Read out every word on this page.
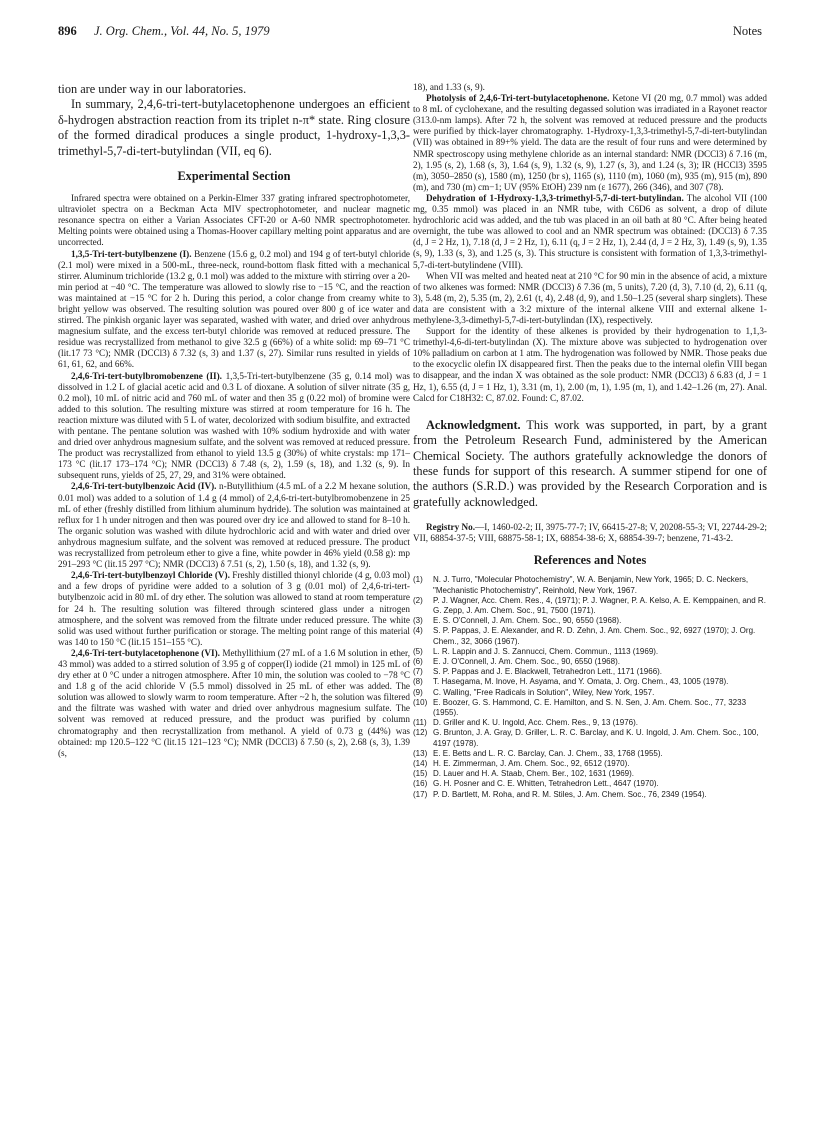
896 J. Org. Chem., Vol. 44, No. 5, 1979	Notes

tion are under way in our laboratories.

In summary, 2,4,6-tri-tert-butylacetophenone undergoes an efficient δ-hydrogen abstraction reaction from its triplet n-π* state. Ring closure of the formed diradical produces a single product, 1-hydroxy-1,3,3-trimethyl-5,7-di-tert-butylindan (VII, eq 6).

Experimental Section

Infrared spectra were obtained on a Perkin-Elmer 337 grating infrared spectrophotometer, ultraviolet spectra on a Beckman Acta MIV spectrophotometer, and nuclear magnetic resonance spectra on either a Varian Associates CFT-20 or A-60 NMR spectrophotometer. Melting points were obtained using a Thomas-Hoover capillary melting point apparatus and are uncorrected.

1,3,5-Tri-tert-butylbenzene (I). Benzene (15.6 g, 0.2 mol) and 194 g of tert-butyl chloride (2.1 mol) were mixed in a 500-mL, three-neck, round-bottom flask fitted with a mechanical stirrer. Aluminum trichloride (13.2 g, 0.1 mol) was added to the mixture with stirring over a 20-min period at −40 °C. The temperature was allowed to slowly rise to −15 °C, and the reaction was maintained at −15 °C for 2 h. During this period, a color change from creamy white to bright yellow was observed. The resulting solution was poured over 800 g of ice water and stirred. The pinkish organic layer was separated, washed with water, and dried over anhydrous magnesium sulfate, and the excess tert-butyl chloride was removed at reduced pressure. The residue was recrystallized from methanol to give 32.5 g (66%) of a white solid: mp 69–71 °C (lit.17 73 °C); NMR (DCCl3) δ 7.32 (s, 3) and 1.37 (s, 27). Similar runs resulted in yields of 61, 61, 62, and 66%.

2,4,6-Tri-tert-butylbromobenzene (II). 1,3,5-Tri-tert-butylbenzene (35 g, 0.14 mol) was dissolved in 1.2 L of glacial acetic acid and 0.3 L of dioxane. A solution of silver nitrate (35 g, 0.2 mol), 10 mL of nitric acid and 760 mL of water and then 35 g (0.22 mol) of bromine were added to this solution. The resulting mixture was stirred at room temperature for 16 h. The reaction mixture was diluted with 5 L of water, decolorized with sodium bisulfite, and extracted with pentane. The pentane solution was washed with 10% sodium hydroxide and with water and dried over anhydrous magnesium sulfate, and the solvent was removed at reduced pressure. The product was recrystallized from ethanol to yield 13.5 g (30%) of white crystals: mp 171–173 °C (lit.17 173–174 °C); NMR (DCCl3) δ 7.48 (s, 2), 1.59 (s, 18), and 1.32 (s, 9). In subsequent runs, yields of 25, 27, 29, and 31% were obtained.

2,4,6-Tri-tert-butylbenzoic Acid (IV). n-Butyllithium (4.5 mL of a 2.2 M hexane solution, 0.01 mol) was added to a solution of 1.4 g (4 mmol) of 2,4,6-tri-tert-butylbromobenzene in 25 mL of ether (freshly distilled from lithium aluminum hydride). The solution was maintained at reflux for 1 h under nitrogen and then was poured over dry ice and allowed to stand for 8–10 h. The organic solution was washed with dilute hydrochloric acid and with water and dried over anhydrous magnesium sulfate, and the solvent was removed at reduced pressure. The product was recrystallized from petroleum ether to give a fine, white powder in 46% yield (0.58 g): mp 291–293 °C (lit.15 297 °C); NMR (DCCl3) δ 7.51 (s, 2), 1.50 (s, 18), and 1.32 (s, 9).

2,4,6-Tri-tert-butylbenzoyl Chloride (V). Freshly distilled thionyl chloride (4 g, 0.03 mol) and a few drops of pyridine were added to a solution of 3 g (0.01 mol) of 2,4,6-tri-tert-butylbenzoic acid in 80 mL of dry ether. The solution was allowed to stand at room temperature for 24 h. The resulting solution was filtered through scintered glass under a nitrogen atmosphere, and the solvent was removed from the filtrate under reduced pressure. The white solid was used without further purification or storage. The melting point range of this material was 140 to 150 °C (lit.15 151–155 °C).

2,4,6-Tri-tert-butylacetophenone (VI). Methyllithium (27 mL of a 1.6 M solution in ether, 43 mmol) was added to a stirred solution of 3.95 g of copper(I) iodide (21 mmol) in 125 mL of dry ether at 0 °C under a nitrogen atmosphere. After 10 min, the solution was cooled to −78 °C and 1.8 g of the acid chloride V (5.5 mmol) dissolved in 25 mL of ether was added. The solution was allowed to slowly warm to room temperature. After ~2 h, the solution was filtered and the filtrate was washed with water and dried over anhydrous magnesium sulfate. The solvent was removed at reduced pressure, and the product was purified by column chromatography and then recrystallization from methanol. A yield of 0.73 g (44%) was obtained: mp 120.5–122 °C (lit.15 121–123 °C); NMR (DCCl3) δ 7.50 (s, 2), 2.68 (s, 3), 1.39 (s,

18), and 1.33 (s, 9).

Photolysis of 2,4,6-Tri-tert-butylacetophenone. Ketone VI (20 mg, 0.7 mmol) was added to 8 mL of cyclohexane, and the resulting degassed solution was irradiated in a Rayonet reactor (313.0-nm lamps). After 72 h, the solvent was removed at reduced pressure and the products were purified by thick-layer chromatography. 1-Hydroxy-1,3,3-trimethyl-5,7-di-tert-butylindan (VII) was obtained in 89+% yield. The data are the result of four runs and were determined by NMR spectroscopy using methylene chloride as an internal standard: NMR (DCCl3) δ 7.16 (m, 2), 1.95 (s, 2), 1.68 (s, 3), 1.64 (s, 9), 1.32 (s, 9), 1.27 (s, 3), and 1.24 (s, 3); IR (HCCl3) 3595 (m), 3050–2850 (s), 1580 (m), 1250 (br s), 1165 (s), 1110 (m), 1060 (m), 935 (m), 915 (m), 890 (m), and 730 (m) cm−1; UV (95% EtOH) 239 nm (ε 1677), 266 (346), and 307 (78).

Dehydration of 1-Hydroxy-1,3,3-trimethyl-5,7-di-tert-butylindan. The alcohol VII (100 mg, 0.35 mmol) was placed in an NMR tube, with C6D6 as solvent, a drop of dilute hydrochloric acid was added, and the tub was placed in an oil bath at 80 °C. After being heated overnight, the tube was allowed to cool and an NMR spectrum was obtained: (DCCl3) δ 7.35 (d, J = 2 Hz, 1), 7.18 (d, J = 2 Hz, 1), 6.11 (q, J = 2 Hz, 1), 2.44 (d, J = 2 Hz, 3), 1.49 (s, 9), 1.35 (s, 9), 1.33 (s, 3), and 1.25 (s, 3). This structure is consistent with formation of 1,3,3-trimethyl-5,7-di-tert-butylindene (VIII).

When VII was melted and heated neat at 210 °C for 90 min in the absence of acid, a mixture of two alkenes was formed: NMR (DCCl3) δ 7.36 (m, 5 units), 7.20 (d, 3), 7.10 (d, 2), 6.11 (q, 3), 5.48 (m, 2), 5.35 (m, 2), 2.61 (t, 4), 2.48 (d, 9), and 1.50–1.25 (several sharp singlets). These data are consistent with a 3:2 mixture of the internal alkene VIII and external alkene 1-methylene-3,3-dimethyl-5,7-di-tert-butylindan (IX), respectively.

Support for the identity of these alkenes is provided by their hydrogenation to 1,1,3-trimethyl-4,6-di-tert-butylindan (X). The mixture above was subjected to hydrogenation over 10% palladium on carbon at 1 atm. The hydrogenation was followed by NMR. Those peaks due to the exocyclic olefin IX disappeared first. Then the peaks due to the internal olefin VIII began to disappear, and the indan X was obtained as the sole product: NMR (DCCl3) δ 6.83 (d, J = 1 Hz, 1), 6.55 (d, J = 1 Hz, 1), 3.31 (m, 1), 2.00 (m, 1), 1.95 (m, 1), and 1.42–1.26 (m, 27). Anal. Calcd for C18H32: C, 87.02. Found: C, 87.02.

Acknowledgment. This work was supported, in part, by a grant from the Petroleum Research Fund, administered by the American Chemical Society. The authors gratefully acknowledge the donors of these funds for support of this research. A summer stipend for one of the authors (S.R.D.) was provided by the Research Corporation and is gratefully acknowledged.

Registry No.—I, 1460-02-2; II, 3975-77-7; IV, 66415-27-8; V, 20208-55-3; VI, 22744-29-2; VII, 68854-37-5; VIII, 68875-58-1; IX, 68854-38-6; X, 68854-39-7; benzene, 71-43-2.

References and Notes
(1) N. J. Turro, "Molecular Photochemistry", W. A. Benjamin, New York, 1965; D. C. Neckers, "Mechanistic Photochemistry", Reinhold, New York, 1967.
(2) P. J. Wagner, Acc. Chem. Res., 4, (1971); P. J. Wagner, P. A. Kelso, A. E. Kemppainen, and R. G. Zepp, J. Am. Chem. Soc., 91, 7500 (1971).
(3) E. S. O'Connell, J. Am. Chem. Soc., 90, 6550 (1968).
(4) S. P. Pappas, J. E. Alexander, and R. D. Zehn, J. Am. Chem. Soc., 92, 6927 (1970); J. Org. Chem., 32, 3066 (1967).
(5) L. R. Lappin and J. S. Zannucci, Chem. Commun., 1113 (1969).
(6) E. J. O'Connell, J. Am. Chem. Soc., 90, 6550 (1968).
(7) S. P. Pappas and J. E. Blackwell, Tetrahedron Lett., 1171 (1966).
(8) T. Hasegama, M. Inove, H. Asyama, and Y. Omata, J. Org. Chem., 43, 1005 (1978).
(9) C. Walling, "Free Radicals in Solution", Wiley, New York, 1957.
(10) E. Boozer, G. S. Hammond, C. E. Hamilton, and S. N. Sen, J. Am. Chem. Soc., 77, 3233 (1955).
(11) D. Griller and K. U. Ingold, Acc. Chem. Res., 9, 13 (1976).
(12) G. Brunton, J. A. Gray, D. Griller, L. R. C. Barclay, and K. U. Ingold, J. Am. Chem. Soc., 100, 4197 (1978).
(13) E. E. Betts and L. R. C. Barclay, Can. J. Chem., 33, 1768 (1955).
(14) H. E. Zimmerman, J. Am. Chem. Soc., 92, 6512 (1970).
(15) D. Lauer and H. A. Staab, Chem. Ber., 102, 1631 (1969).
(16) G. H. Posner and C. E. Whitten, Tetrahedron Lett., 4647 (1970).
(17) P. D. Bartlett, M. Roha, and R. M. Stiles, J. Am. Chem. Soc., 76, 2349 (1954).
